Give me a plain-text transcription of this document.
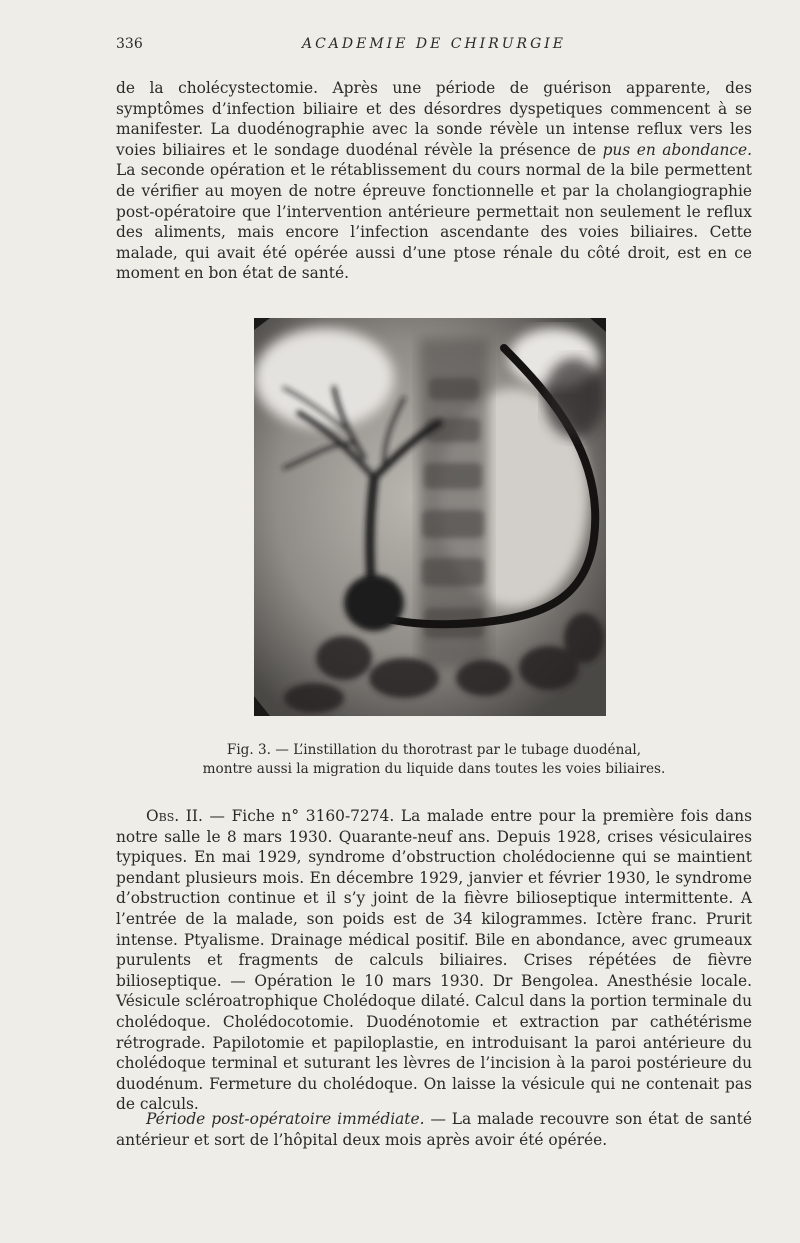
336	ACADEMIE DE CHIRURGIE

de la cholécystectomie. Après une période de guérison apparente, des symptômes d’infection biliaire et des désordres dyspetiques commencent à se manifester. La duodénographie avec la sonde révèle un intense reflux vers les voies biliaires et le sondage duodénal révèle la présence de pus en abondance. La seconde opération et le rétablissement du cours normal de la bile permettent de vérifier au moyen de notre épreuve fonctionnelle et par la cholangiographie post-opératoire que l’intervention antérieure permettait non seulement le reflux des aliments, mais encore l’infection ascendante des voies biliaires. Cette malade, qui avait été opérée aussi d’une ptose rénale du côté droit, est en ce moment en bon état de santé.

Fig. 3. — L’instillation du thorotrast par le tubage duodénal,
montre aussi la migration du liquide dans toutes les voies biliaires.

Obs. II. — Fiche n° 3160-7274. La malade entre pour la première fois dans notre salle le 8 mars 1930. Quarante-neuf ans. Depuis 1928, crises vésiculaires typiques. En mai 1929, syndrome d’obstruction cholédocienne qui se maintient pendant plusieurs mois. En décembre 1929, janvier et février 1930, le syndrome d’obstruction continue et il s’y joint de la fièvre bilioseptique intermittente. A l’entrée de la malade, son poids est de 34 kilogrammes. Ictère franc. Prurit intense. Ptyalisme. Drainage médical positif. Bile en abondance, avec grumeaux purulents et fragments de calculs biliaires. Crises répétées de fièvre bilioseptique. — Opération le 10 mars 1930. Dr Bengolea. Anesthésie locale. Vésicule scléroatrophique Cholédoque dilaté. Calcul dans la portion terminale du cholédoque. Cholédocotomie. Duodénotomie et extraction par cathétérisme rétrograde. Papilotomie et papiloplastie, en introduisant la paroi antérieure du cholédoque terminal et suturant les lèvres de l’incision à la paroi postérieure du duodénum. Fermeture du cholédoque. On laisse la vésicule qui ne contenait pas de calculs.

Période post-opératoire immédiate. — La malade recouvre son état de santé antérieur et sort de l’hôpital deux mois après avoir été opérée.
